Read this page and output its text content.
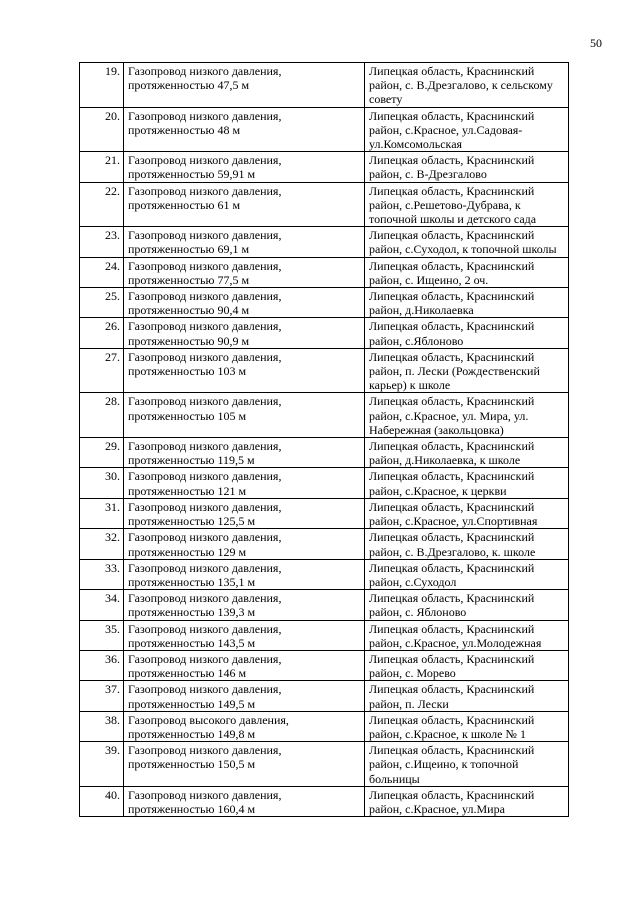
50
19.	Газопровод низкого давления, протяженностью 47,5 м	Липецкая область, Краснинский район, с. В.Дрезгалово, к сельскому совету
20.	Газопровод низкого давления, протяженностью 48 м	Липецкая область, Краснинский район, с.Красное, ул.Садовая-ул.Комсомольская
21.	Газопровод низкого давления, протяженностью 59,91 м	Липецкая область, Краснинский район, с. В-Дрезгалово
22.	Газопровод низкого давления, протяженностью 61 м	Липецкая область, Краснинский район, с.Решетово-Дубрава, к топочной школы и детского сада
23.	Газопровод низкого давления, протяженностью 69,1 м	Липецкая область, Краснинский район, с.Суходол, к топочной школы
24.	Газопровод низкого давления, протяженностью 77,5 м	Липецкая область, Краснинский район, с. Ищеино, 2 оч.
25.	Газопровод низкого давления, протяженностью 90,4 м	Липецкая область, Краснинский район, д.Николаевка
26.	Газопровод низкого давления, протяженностью 90,9 м	Липецкая область, Краснинский район, с.Яблоново
27.	Газопровод низкого давления, протяженностью 103 м	Липецкая область, Краснинский район, п. Лески (Рождественский карьер) к школе
28.	Газопровод низкого давления, протяженностью 105 м	Липецкая область, Краснинский район, с.Красное, ул. Мира, ул. Набережная (закольцовка)
29.	Газопровод низкого давления, протяженностью 119,5 м	Липецкая область, Краснинский район, д.Николаевка, к школе
30.	Газопровод низкого давления, протяженностью 121 м	Липецкая область, Краснинский район, с.Красное, к церкви
31.	Газопровод низкого давления, протяженностью 125,5 м	Липецкая область, Краснинский район, с.Красное, ул.Спортивная
32.	Газопровод низкого давления, протяженностью 129 м	Липецкая область, Краснинский район, с. В.Дрезгалово, к. школе
33.	Газопровод низкого давления, протяженностью 135,1 м	Липецкая область, Краснинский район, с.Суходол
34.	Газопровод низкого давления, протяженностью 139,3 м	Липецкая область, Краснинский район, с. Яблоново
35.	Газопровод низкого давления, протяженностью 143,5 м	Липецкая область, Краснинский район, с.Красное, ул.Молодежная
36.	Газопровод низкого давления, протяженностью 146 м	Липецкая область, Краснинский район, с. Морево
37.	Газопровод низкого давления, протяженностью 149,5 м	Липецкая область, Краснинский район, п. Лески
38.	Газопровод высокого давления, протяженностью 149,8 м	Липецкая область, Краснинский район, с.Красное, к школе № 1
39.	Газопровод низкого давления, протяженностью 150,5 м	Липецкая область, Краснинский район, с.Ищеино, к топочной больницы
40.	Газопровод низкого давления, протяженностью 160,4 м	Липецкая область, Краснинский район, с.Красное, ул.Мира
